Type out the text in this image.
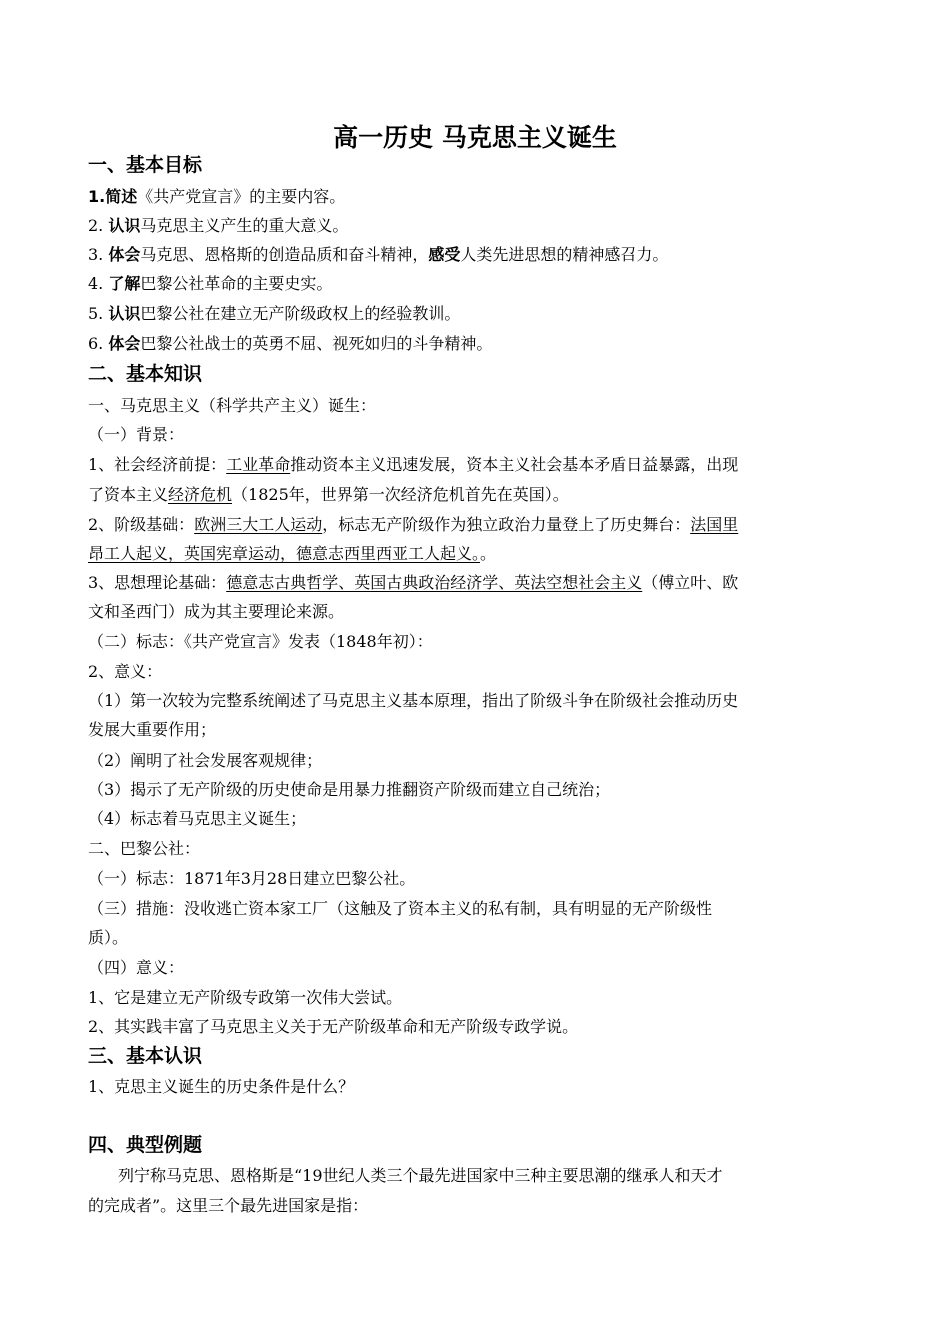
高一历史 马克思主义诞生
一、基本目标
1.简述《共产党宣言》的主要内容。
2. 认识马克思主义产生的重大意义。
3. 体会马克思、恩格斯的创造品质和奋斗精神，感受人类先进思想的精神感召力。
4. 了解巴黎公社革命的主要史实。
5. 认识巴黎公社在建立无产阶级政权上的经验教训。
6. 体会巴黎公社战士的英勇不屈、视死如归的斗争精神。
二、基本知识
一、马克思主义（科学共产主义）诞生：
（一）背景：
1、社会经济前提：工业革命推动资本主义迅速发展，资本主义社会基本矛盾日益暴露，出现
了资本主义经济危机（1825年，世界第一次经济危机首先在英国）。
2、阶级基础：欧洲三大工人运动，标志无产阶级作为独立政治力量登上了历史舞台：法国里
昂工人起义，英国宪章运动，德意志西里西亚工人起义。。
3、思想理论基础：德意志古典哲学、英国古典政治经济学、英法空想社会主义（傅立叶、欧
文和圣西门）成为其主要理论来源。
（二）标志：《共产党宣言》发表（1848年初）：
2、意义：
（1）第一次较为完整系统阐述了马克思主义基本原理，指出了阶级斗争在阶级社会推动历史
发展大重要作用；
（2）阐明了社会发展客观规律；
（3）揭示了无产阶级的历史使命是用暴力推翻资产阶级而建立自己统治；
（4）标志着马克思主义诞生；
二、巴黎公社：
（一）标志：1871年3月28日建立巴黎公社。
（三）措施：没收逃亡资本家工厂（这触及了资本主义的私有制，具有明显的无产阶级性
质）。
（四）意义：
1、它是建立无产阶级专政第一次伟大尝试。
2、其实践丰富了马克思主义关于无产阶级革命和无产阶级专政学说。
三、基本认识
1、克思主义诞生的历史条件是什么？
四、典型例题
列宁称马克思、恩格斯是“19世纪人类三个最先进国家中三种主要思潮的继承人和天才
的完成者”。这里三个最先进国家是指：
